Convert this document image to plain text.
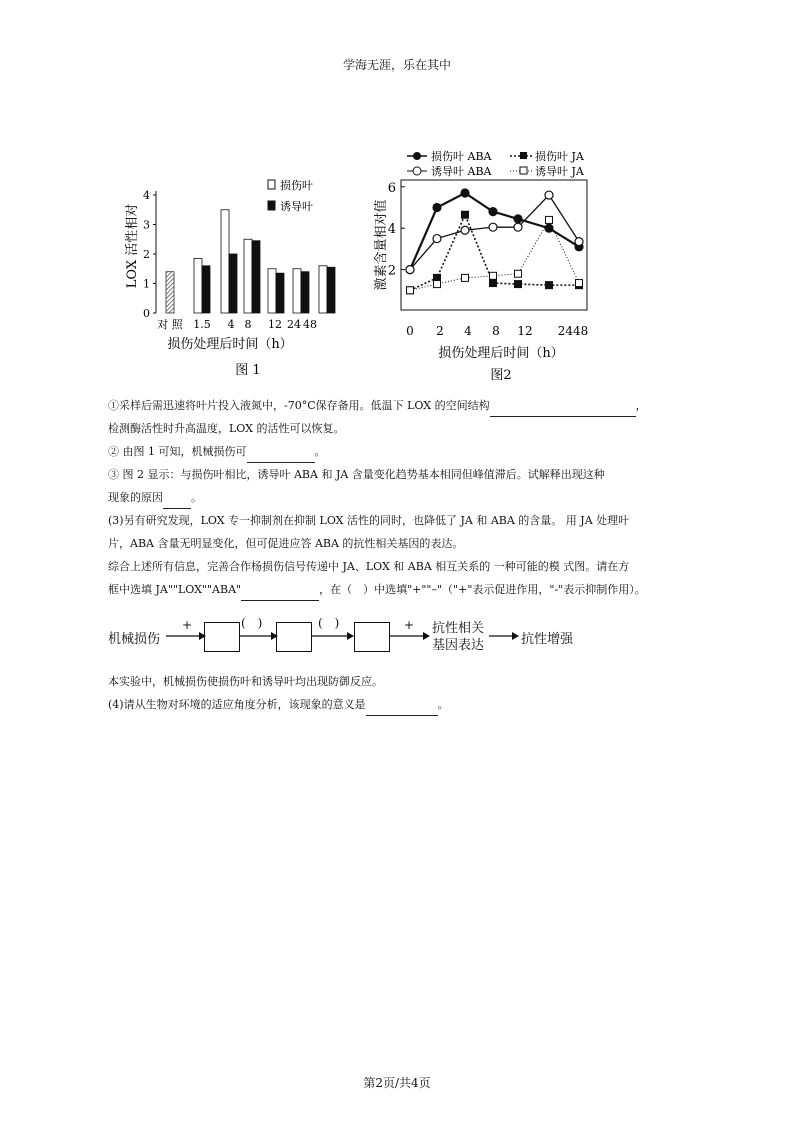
学海无涯，乐在其中
0
1
2
3
4
LOX 活性相对
对 照 1.5 4 8 12 24 48
损伤处理后时间（h）
图 1
损伤叶
诱导叶
2
4
6
0 2 4 8 12 2448
激素含量相对值
损伤处理后时间（h）
图2
损伤叶 ABA
诱导叶 ABA
损伤叶 JA
诱导叶 JA
①采样后需迅速将叶片投入液氮中，-70°C保存备用。低温下 LOX 的空间结构	，
检测酶活性时升高温度，LOX 的活性可以恢复。
② 由图 1 可知，机械损伤可	。
③ 图 2 显示：与损伤叶相比，诱导叶 ABA 和 JA 含量变化趋势基本相同但峰值滞后。试解释出现这种
现象的原因	。
(3)另有研究发现，LOX 专一抑制剂在抑制 LOX 活性的同时，也降低了 JA 和 ABA 的含量。 用 JA 处理叶
片，ABA 含量无明显变化，但可促进应答 ABA 的抗性相关基因的表达。
综合上述所有信息，完善合作杨损伤信号传递中 JA、LOX 和 ABA 相互关系的 一种可能的模 式图。请在方
框中选填 JA""LOX""ABA"	，在（　）中选填"+""–"（"+"表示促进作用，"-"表示抑制作用）。
机械损伤
+	(　)	(　)	+ 抗性相关
基因表达	抗性增强
本实验中，机械损伤使损伤叶和诱导叶均出现防御反应。
(4)请从生物对环境的适应角度分析，该现象的意义是	。
第2页/共4页
